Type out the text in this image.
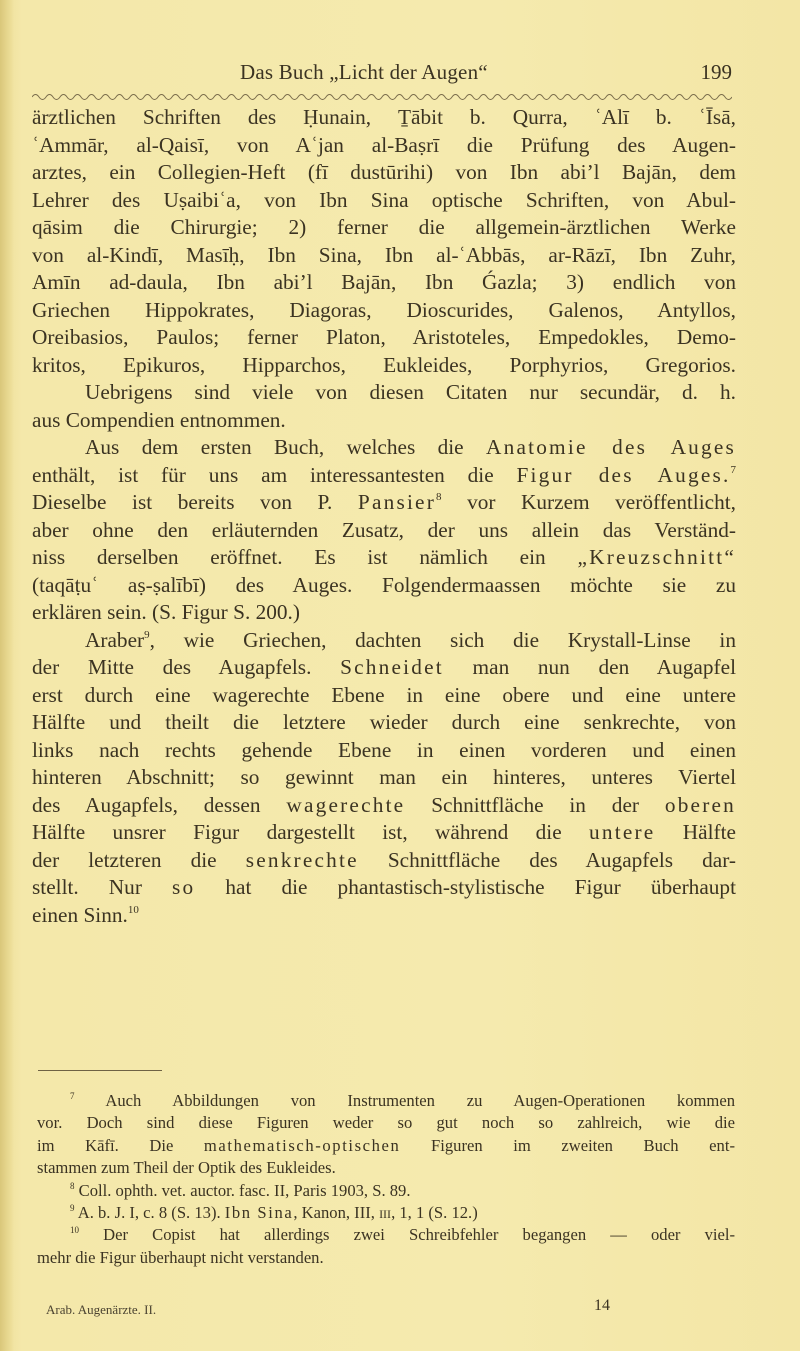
Das Buch „Licht der Augen“	199

ärztlichen Schriften des Ḥunain, Ṯābit b. Qurra, ʿAlī b. ʿĪsā,
ʿAmmār, al-Qaisī, von Aʿjan al-Baṣrī die Prüfung des Augen-
arztes, ein Collegien-Heft (fī dustūrihi) von Ibn abi’l Bajān, dem
Lehrer des Uṣaibiʿa, von Ibn Sina optische Schriften, von Abul-
qāsim die Chirurgie; 2) ferner die allgemein-ärztlichen Werke
von al-Kindī, Masīḥ, Ibn Sina, Ibn al-ʿAbbās, ar-Rāzī, Ibn Zuhr,
Amīn ad-daula, Ibn abi’l Bajān, Ibn Ǵazla; 3) endlich von
Griechen Hippokrates, Diagoras, Dioscurides, Galenos, Antyllos,
Oreibasios, Paulos; ferner Platon, Aristoteles, Empedokles, Demo-
kritos, Epikuros, Hipparchos, Eukleides, Porphyrios, Gregorios.

Uebrigens sind viele von diesen Citaten nur secundär, d. h.
aus Compendien entnommen.

Aus dem ersten Buch, welches die Anatomie des Auges
enthält, ist für uns am interessantesten die Figur des Auges.$^7$
Dieselbe ist bereits von P. Pansier$^8$ vor Kurzem veröffentlicht,
aber ohne den erläuternden Zusatz, der uns allein das Verständ-
niss derselben eröffnet. Es ist nämlich ein „Kreuzschnitt“
(taqāṭuʿ aṣ-ṣalībī) des Auges. Folgendermaassen möchte sie zu
erklären sein. (S. Figur S. 200.)

Araber$^9$, wie Griechen, dachten sich die Krystall-Linse in
der Mitte des Augapfels. Schneidet man nun den Augapfel
erst durch eine wagerechte Ebene in eine obere und eine untere
Hälfte und theilt die letztere wieder durch eine senkrechte, von
links nach rechts gehende Ebene in einen vorderen und einen
hinteren Abschnitt; so gewinnt man ein hinteres, unteres Viertel
des Augapfels, dessen wagerechte Schnittfläche in der oberen
Hälfte unsrer Figur dargestellt ist, während die untere Hälfte
der letzteren die senkrechte Schnittfläche des Augapfels dar-
stellt. Nur so hat die phantastisch-stylistische Figur überhaupt
einen Sinn.$^{10}$

$^7$ Auch Abbildungen von Instrumenten zu Augen-Operationen kommen
vor. Doch sind diese Figuren weder so gut noch so zahlreich, wie die
im Kāfī. Die mathematisch-optischen Figuren im zweiten Buch ent-
stammen zum Theil der Optik des Eukleides.
$^8$ Coll. ophth. vet. auctor. fasc. II, Paris 1903, S. 89.
$^9$ A. b. J. I, c. 8 (S. 13). Ibn Sina, Kanon, III, iii, 1, 1 (S. 12.)
$^{10}$ Der Copist hat allerdings zwei Schreibfehler begangen — oder viel-
mehr die Figur überhaupt nicht verstanden.
Arab. Augenärzte. II.	14
